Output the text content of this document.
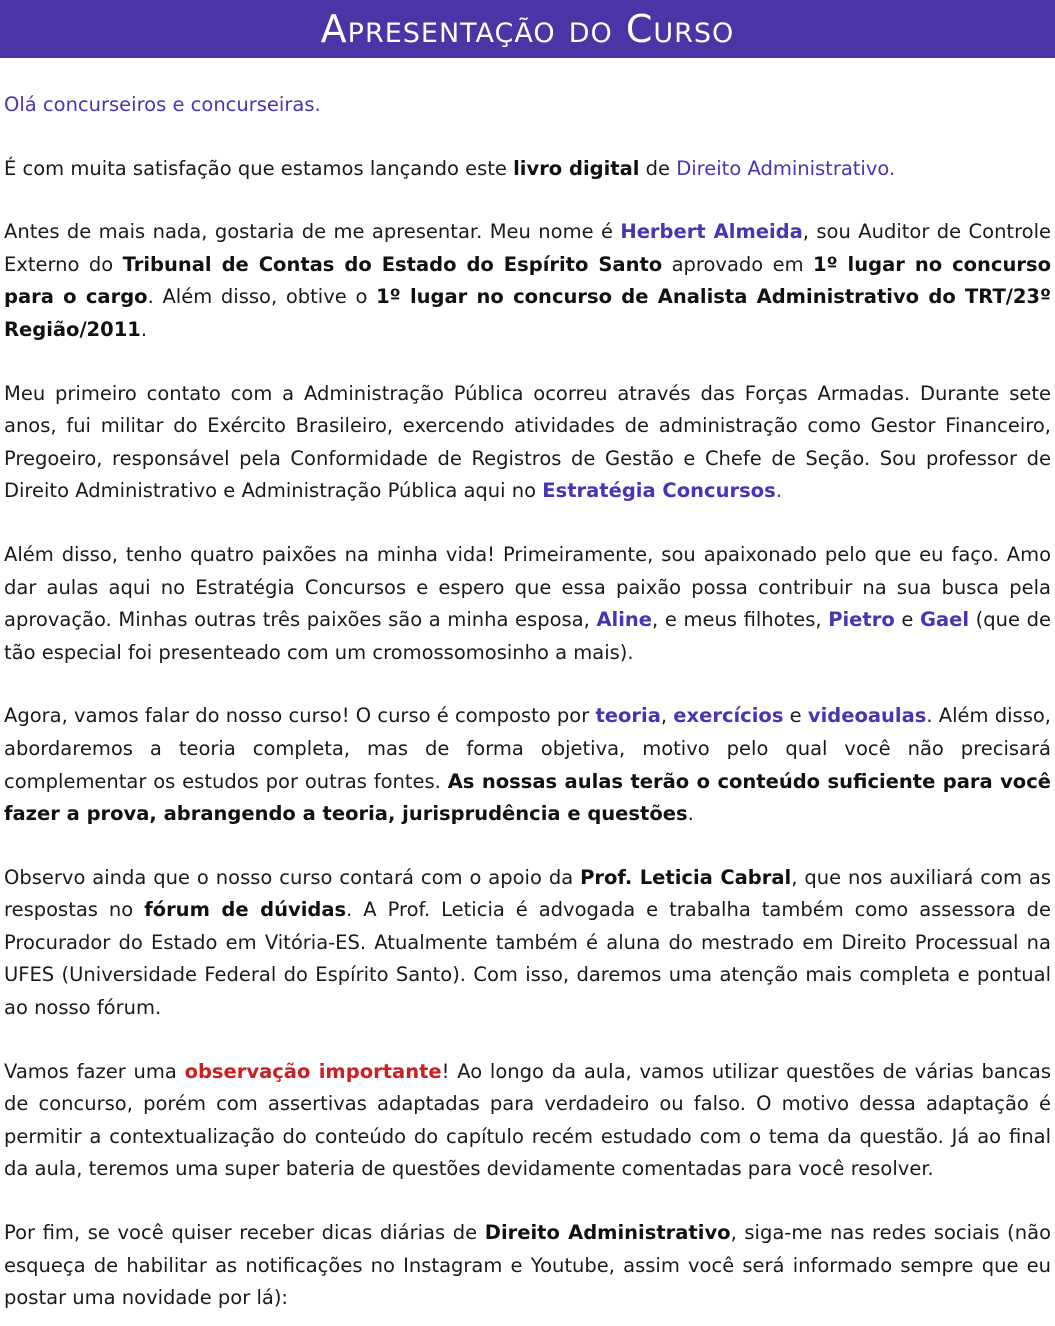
Apresentação do Curso

Olá concurseiros e concurseiras.

É com muita satisfação que estamos lançando este livro digital de Direito Administrativo.

Antes de mais nada, gostaria de me apresentar. Meu nome é Herbert Almeida, sou Auditor de Controle Externo do Tribunal de Contas do Estado do Espírito Santo aprovado em 1º lugar no concurso para o cargo. Além disso, obtive o 1º lugar no concurso de Analista Administrativo do TRT/23º Região/2011.

Meu primeiro contato com a Administração Pública ocorreu através das Forças Armadas. Durante sete anos, fui militar do Exército Brasileiro, exercendo atividades de administração como Gestor Financeiro, Pregoeiro, responsável pela Conformidade de Registros de Gestão e Chefe de Seção. Sou professor de Direito Administrativo e Administração Pública aqui no Estratégia Concursos.

Além disso, tenho quatro paixões na minha vida! Primeiramente, sou apaixonado pelo que eu faço. Amo dar aulas aqui no Estratégia Concursos e espero que essa paixão possa contribuir na sua busca pela aprovação. Minhas outras três paixões são a minha esposa, Aline, e meus filhotes, Pietro e Gael (que de tão especial foi presenteado com um cromossomosinho a mais).

Agora, vamos falar do nosso curso! O curso é composto por teoria, exercícios e videoaulas. Além disso, abordaremos a teoria completa, mas de forma objetiva, motivo pelo qual você não precisará complementar os estudos por outras fontes. As nossas aulas terão o conteúdo suficiente para você fazer a prova, abrangendo a teoria, jurisprudência e questões.

Observo ainda que o nosso curso contará com o apoio da Prof. Leticia Cabral, que nos auxiliará com as respostas no fórum de dúvidas. A Prof. Leticia é advogada e trabalha também como assessora de Procurador do Estado em Vitória-ES. Atualmente também é aluna do mestrado em Direito Processual na UFES (Universidade Federal do Espírito Santo). Com isso, daremos uma atenção mais completa e pontual ao nosso fórum.

Vamos fazer uma observação importante! Ao longo da aula, vamos utilizar questões de várias bancas de concurso, porém com assertivas adaptadas para verdadeiro ou falso. O motivo dessa adaptação é permitir a contextualização do conteúdo do capítulo recém estudado com o tema da questão. Já ao final da aula, teremos uma super bateria de questões devidamente comentadas para você resolver.

Por fim, se você quiser receber dicas diárias de Direito Administrativo, siga-me nas redes sociais (não esqueça de habilitar as notificações no Instagram e Youtube, assim você será informado sempre que eu postar uma novidade por lá):
